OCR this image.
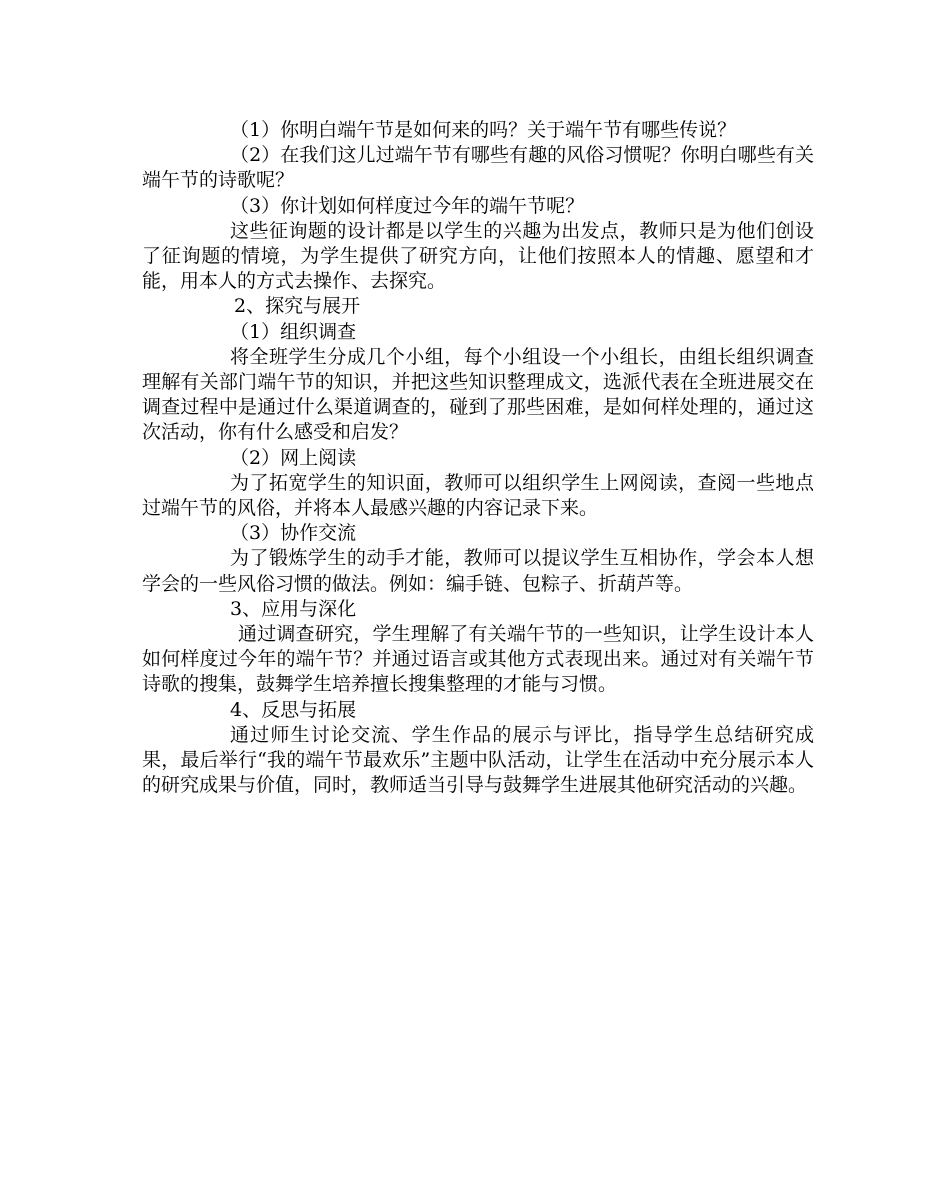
（1）你明白端午节是如何来的吗？关于端午节有哪些传说？

（2）在我们这儿过端午节有哪些有趣的风俗习惯呢？你明白哪些有关端午节的诗歌呢？

（3）你计划如何样度过今年的端午节呢？

这些征询题的设计都是以学生的兴趣为出发点，教师只是为他们创设了征询题的情境，为学生提供了研究方向，让他们按照本人的情趣、愿望和才能，用本人的方式去操作、去探究。

2、探究与展开

（1）组织调查

将全班学生分成几个小组，每个小组设一个小组长，由组长组织调查理解有关部门端午节的知识，并把这些知识整理成文，选派代表在全班进展交在调查过程中是通过什么渠道调查的，碰到了那些困难，是如何样处理的，通过这次活动，你有什么感受和启发？

（2）网上阅读

为了拓宽学生的知识面，教师可以组织学生上网阅读，查阅一些地点过端午节的风俗，并将本人最感兴趣的内容记录下来。

（3）协作交流

为了锻炼学生的动手才能，教师可以提议学生互相协作，学会本人想学会的一些风俗习惯的做法。例如：编手链、包粽子、折葫芦等。

3、应用与深化

通过调查研究，学生理解了有关端午节的一些知识，让学生设计本人如何样度过今年的端午节？并通过语言或其他方式表现出来。通过对有关端午节诗歌的搜集，鼓舞学生培养擅长搜集整理的才能与习惯。

4、反思与拓展

通过师生讨论交流、学生作品的展示与评比，指导学生总结研究成果，最后举行“我的端午节最欢乐”主题中队活动，让学生在活动中充分展示本人的研究成果与价值，同时，教师适当引导与鼓舞学生进展其他研究活动的兴趣。
